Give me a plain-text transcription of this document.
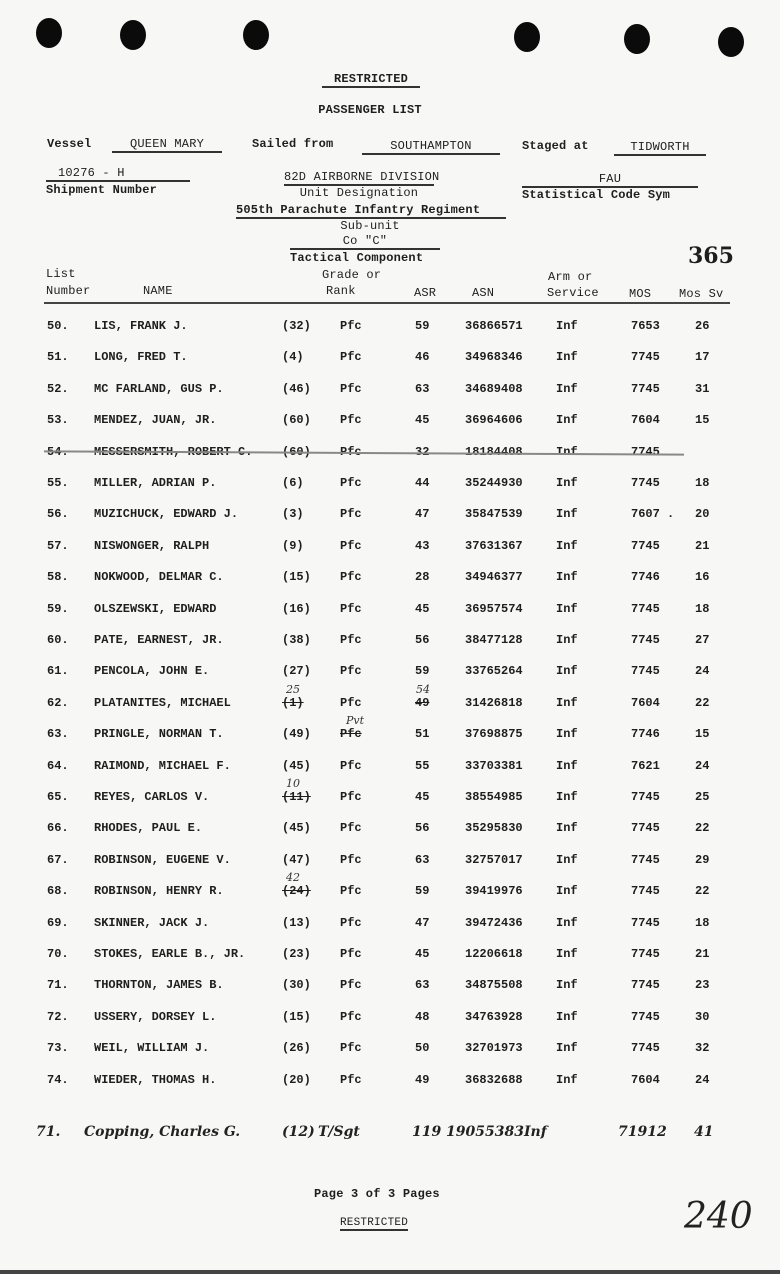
RESTRICTED
PASSENGER LIST
Vessel	QUEEN MARY	Sailed from	SOUTHAMPTON	Staged at	TIDWORTH
10276 - H
Shipment Number
82D AIRBORNE DIVISION
Unit Designation
505th Parachute Infantry Regiment
FAU
Statistical Code Sym
Sub-unit
Co "C"
Tactical Component	365
List
Number	NAME
Grade or
Rank	ASR	ASN
Arm or
Service	MOS Mos Sv
50. LIS, FRANK J.	(32) Pfc	59	36866571	Inf	7653	26
51. LONG, FRED T.	(4)	Pfc	46	34968346	Inf	7745	17
52. MC FARLAND, GUS P.	(46) Pfc	63	34689408	Inf	7745	31
53. MENDEZ, JUAN, JR.	(60) Pfc	45	36964606	Inf	7604	15
54. MESSERSMITH, ROBERT C. (60) Pfc	32	18184408	Inf	7745
55. MILLER, ADRIAN P.	(6)	Pfc	44	35244930	Inf	7745	18
56. MUZICHUCK, EDWARD J.	(3)	Pfc	47	35847539	Inf	7607 . 20
57. NISWONGER, RALPH	(9)	Pfc	43	37631367	Inf	7745	21
58. NOKWOOD, DELMAR C.	(15) Pfc	28	34946377	Inf	7746	16
59. OLSZEWSKI, EDWARD	(16) Pfc	45	36957574	Inf	7745	18
60. PATE, EARNEST, JR.	(38) Pfc	56	38477128	Inf	7745	27
61. PENCOLA, JOHN E.	(27) Pfc	59	33765264	Inf	7745	24
62. PLATANITES, MICHAEL	(1)	Pfc	49	31426818	Inf	7604	22
25	54
63. PRINGLE, NORMAN T.	(49) Pfc	51	37698875	Inf	7746	15
Pvt
64. RAIMOND, MICHAEL F.	(45) Pfc	55	33703381	Inf	7621	24
65. REYES, CARLOS V.	(11) Pfc	45	38554985	Inf	7745	25
10
66. RHODES, PAUL E.	(45) Pfc	56	35295830	Inf	7745	22
67. ROBINSON, EUGENE V.	(47) Pfc	63	32757017	Inf	7745	29
68. ROBINSON, HENRY R.	(24) Pfc	59	39419976	Inf	7745	22
42
69. SKINNER, JACK J.	(13) Pfc	47	39472436	Inf	7745	18
70. STOKES, EARLE B., JR.	(23) Pfc	45	12206618	Inf	7745	21
71. THORNTON, JAMES B.	(30) Pfc	63	34875508	Inf	7745	23
72. USSERY, DORSEY L.	(15) Pfc	48	34763928	Inf	7745	30
73. WEIL, WILLIAM J.	(26) Pfc	50	32701973	Inf	7745	32
74. WIEDER, THOMAS H.	(20) Pfc	49	36832688	Inf	7604	24
71. Copping, Charles G.	(12) T/Sgt	119 19055383 Inf	71912 41
Page 3 of 3 Pages
RESTRICTED	240
